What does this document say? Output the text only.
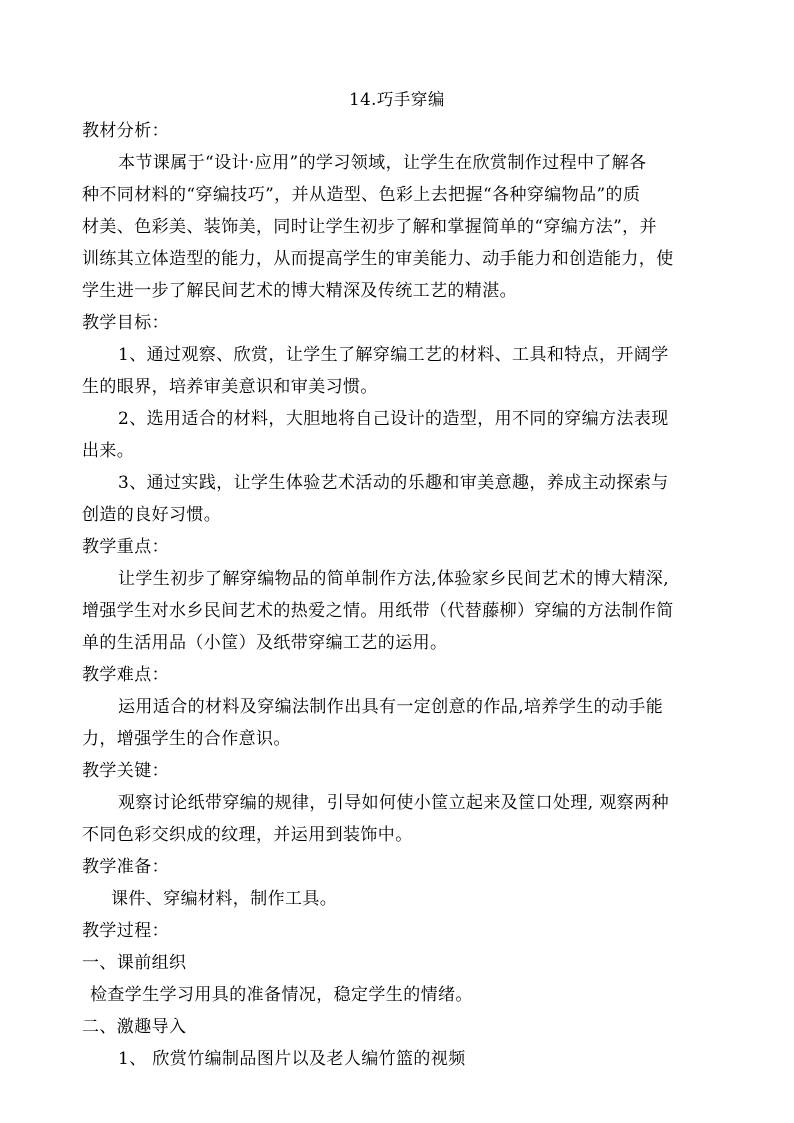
14.巧手穿编
教材分析：
本节课属于“设计·应用”的学习领域，让学生在欣赏制作过程中了解各
种不同材料的“穿编技巧”，并从造型、色彩上去把握“各种穿编物品”的质
材美、色彩美、装饰美，同时让学生初步了解和掌握简单的“穿编方法”，并
训练其立体造型的能力，从而提高学生的审美能力、动手能力和创造能力，使
学生进一步了解民间艺术的博大精深及传统工艺的精湛。
教学目标：
1、通过观察、欣赏，让学生了解穿编工艺的材料、工具和特点，开阔学
生的眼界，培养审美意识和审美习惯。
2、选用适合的材料，大胆地将自己设计的造型，用不同的穿编方法表现
出来。
3、通过实践，让学生体验艺术活动的乐趣和审美意趣，养成主动探索与
创造的良好习惯。
教学重点：
让学生初步了解穿编物品的简单制作方法,体验家乡民间艺术的博大精深,
增强学生对水乡民间艺术的热爱之情。用纸带（代替藤柳）穿编的方法制作简
单的生活用品（小筐）及纸带穿编工艺的运用。
教学难点：
运用适合的材料及穿编法制作出具有一定创意的作品,培养学生的动手能
力，增强学生的合作意识。
教学关键：
观察讨论纸带穿编的规律，引导如何使小筐立起来及筐口处理, 观察两种
不同色彩交织成的纹理，并运用到装饰中。
教学准备：
课件、穿编材料，制作工具。
教学过程：
一、课前组织
检查学生学习用具的准备情况，稳定学生的情绪。
二、激趣导入
1、 欣赏竹编制品图片以及老人编竹篮的视频
